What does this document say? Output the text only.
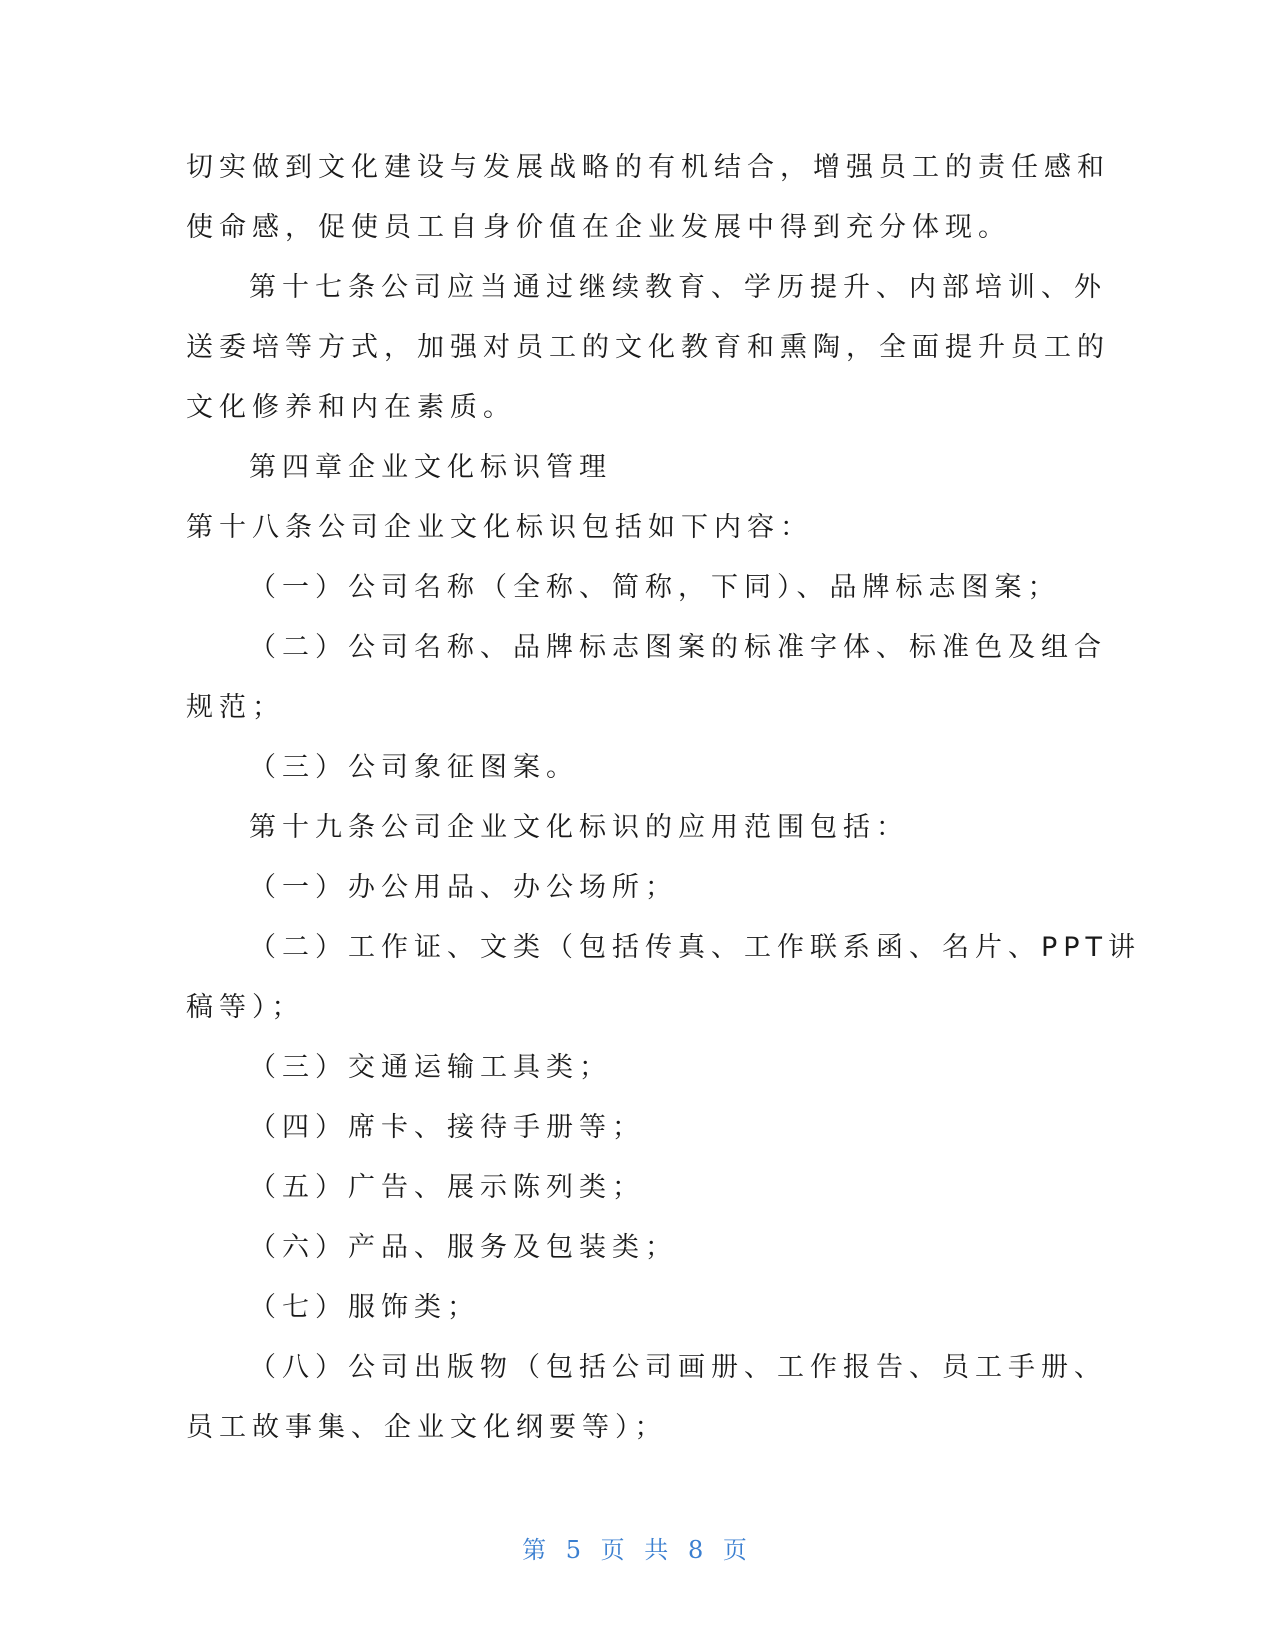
切实做到文化建设与发展战略的有机结合，增强员工的责任感和

使命感，促使员工自身价值在企业发展中得到充分体现。

第十七条公司应当通过继续教育、学历提升、内部培训、外

送委培等方式，加强对员工的文化教育和熏陶，全面提升员工的

文化修养和内在素质。

第四章企业文化标识管理

第十八条公司企业文化标识包括如下内容：

（一）公司名称（全称、简称，下同）、品牌标志图案；

（二）公司名称、品牌标志图案的标准字体、标准色及组合

规范；

（三）公司象征图案。

第十九条公司企业文化标识的应用范围包括：

（一）办公用品、办公场所；

（二）工作证、文类（包括传真、工作联系函、名片、PPT讲

稿等）；

（三）交通运输工具类；

（四）席卡、接待手册等；

（五）广告、展示陈列类；

（六）产品、服务及包装类；

（七）服饰类；

（八）公司出版物（包括公司画册、工作报告、员工手册、

员工故事集、企业文化纲要等）；

第 5 页 共 8 页
